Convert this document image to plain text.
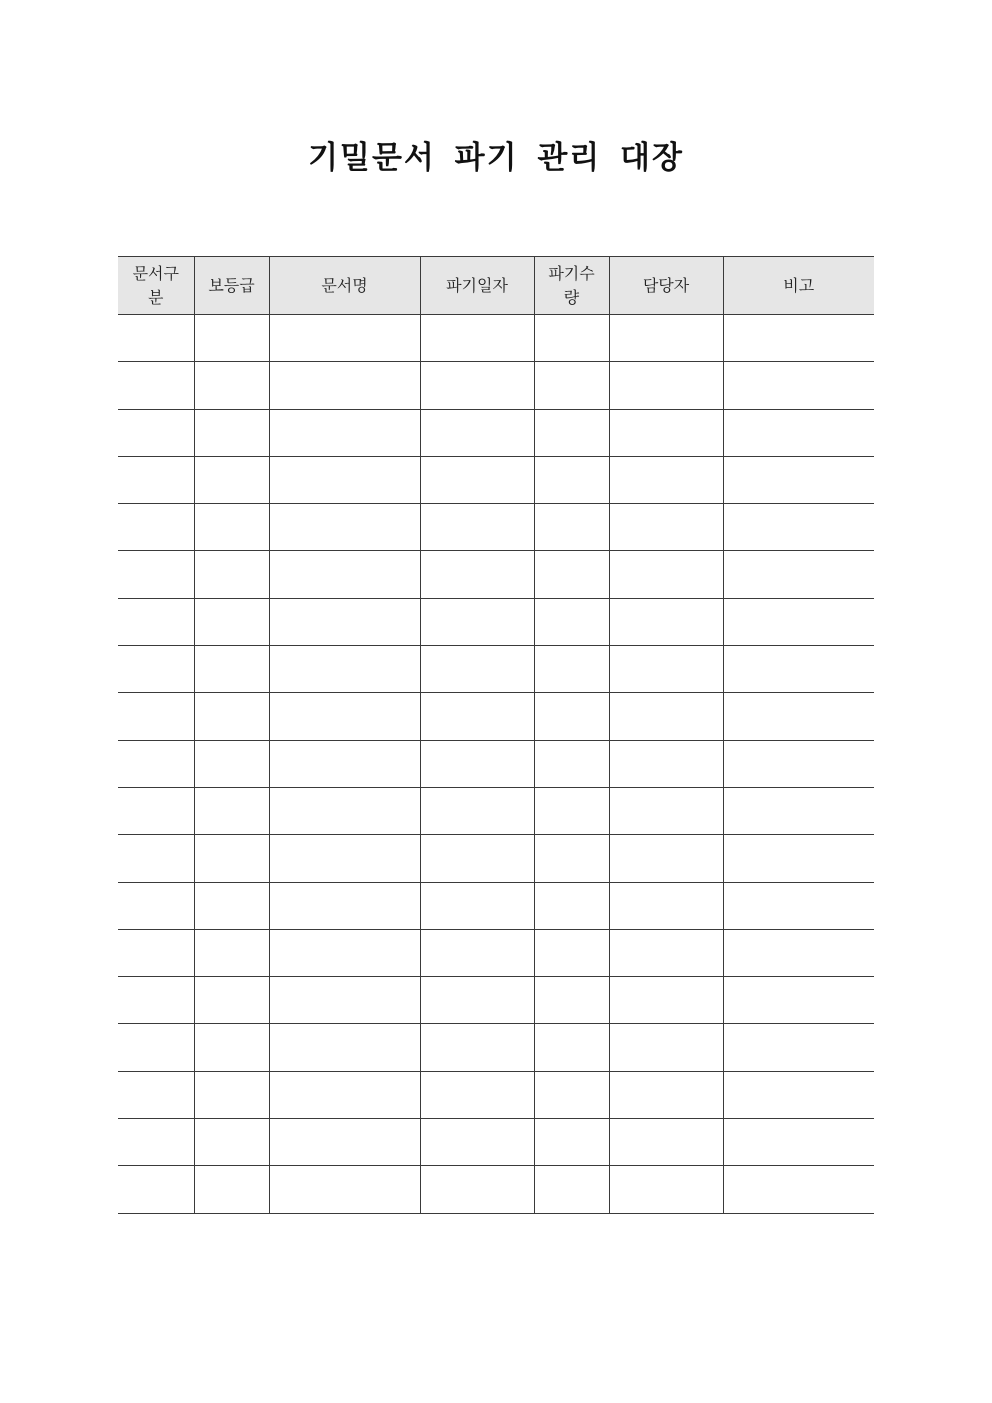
기밀문서 파기 관리 대장
문서구분	보등급	문서명	파기일자	파기수량	담당자	비고
